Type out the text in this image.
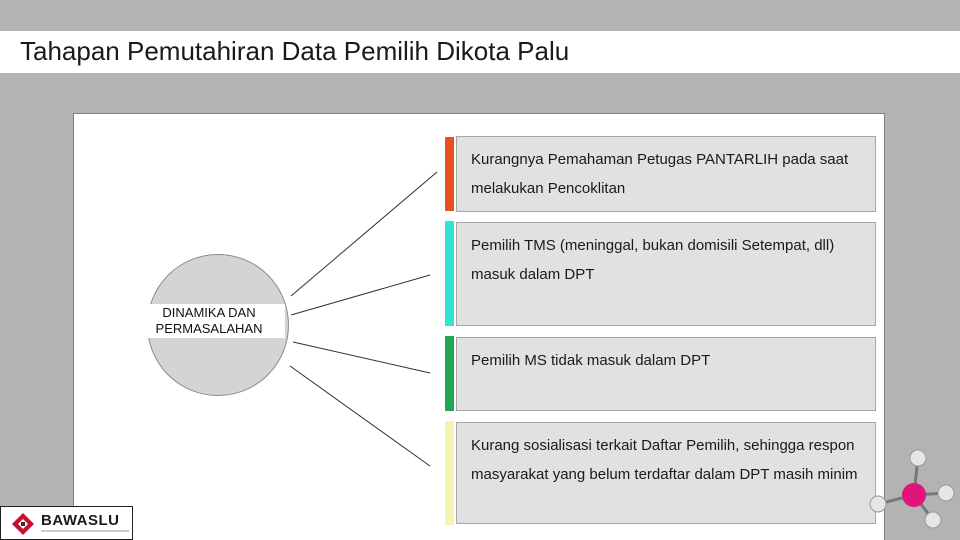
Tahapan Pemutahiran Data Pemilih Dikota Palu
DINAMIKA DAN
PERMASALAHAN
Kurangnya Pemahaman Petugas PANTARLIH pada saat melakukan Pencoklitan
Pemilih TMS (meninggal, bukan domisili Setempat, dll) masuk dalam DPT
Pemilih MS tidak masuk dalam DPT
Kurang sosialisasi terkait Daftar Pemilih, sehingga respon masyarakat yang belum terdaftar dalam DPT masih minim
BAWASLU
